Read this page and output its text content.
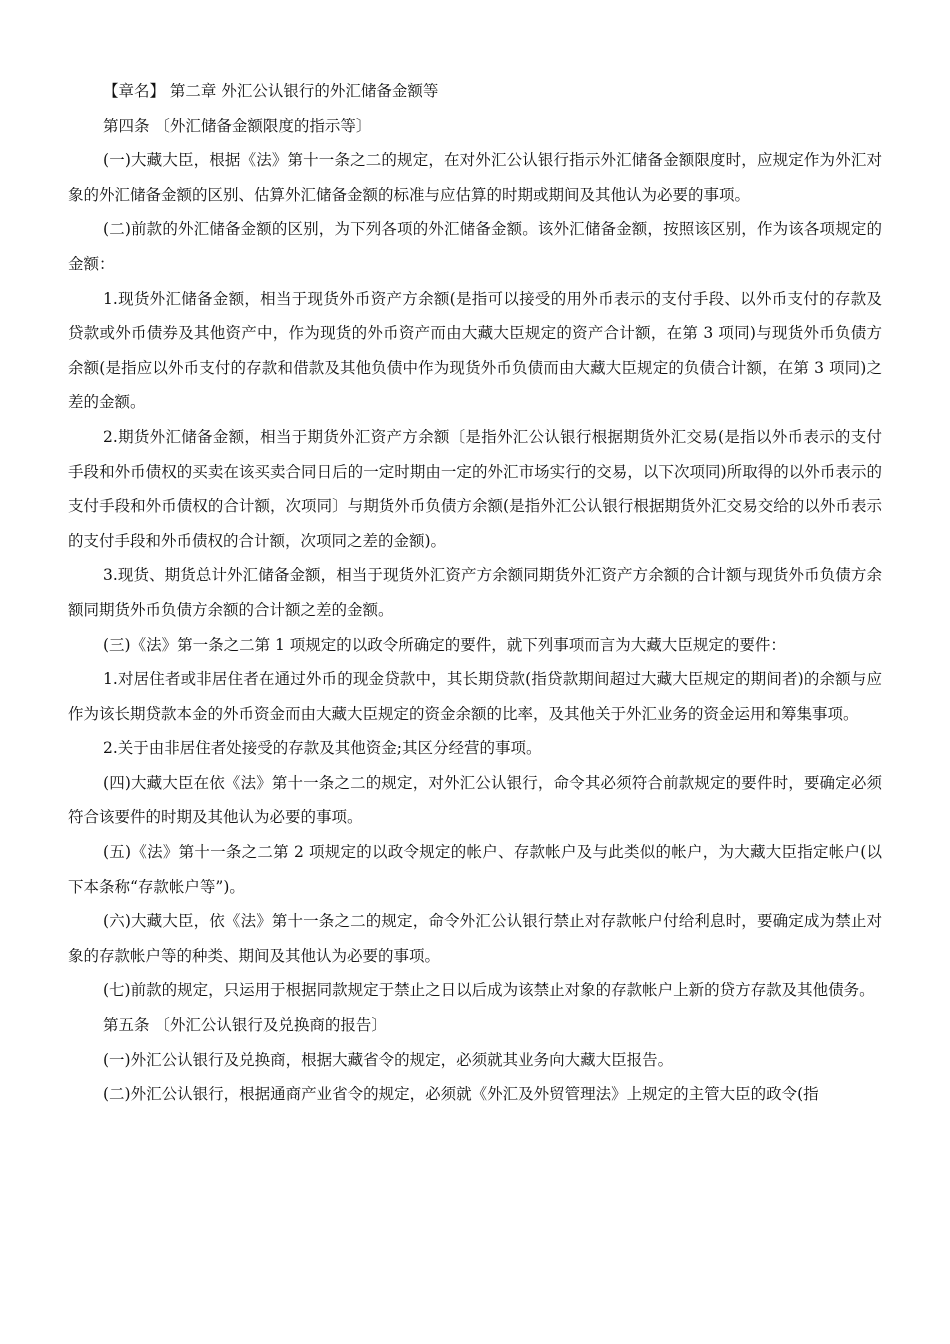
【章名】 第二章 外汇公认银行的外汇储备金额等

第四条 〔外汇储备金额限度的指示等〕

(一)大藏大臣，根据《法》第十一条之二的规定，在对外汇公认银行指示外汇储备金额限度时，应规定作为外汇对象的外汇储备金额的区别、估算外汇储备金额的标准与应估算的时期或期间及其他认为必要的事项。

(二)前款的外汇储备金额的区别，为下列各项的外汇储备金额。该外汇储备金额，按照该区别，作为该各项规定的金额：

1.现货外汇储备金额，相当于现货外币资产方余额(是指可以接受的用外币表示的支付手段、以外币支付的存款及贷款或外币债券及其他资产中，作为现货的外币资产而由大藏大臣规定的资产合计额，在第 3 项同)与现货外币负债方余额(是指应以外币支付的存款和借款及其他负债中作为现货外币负债而由大藏大臣规定的负债合计额，在第 3 项同)之差的金额。

2.期货外汇储备金额，相当于期货外汇资产方余额〔是指外汇公认银行根据期货外汇交易(是指以外币表示的支付手段和外币债权的买卖在该买卖合同日后的一定时期由一定的外汇市场实行的交易，以下次项同)所取得的以外币表示的支付手段和外币债权的合计额，次项同〕与期货外币负债方余额(是指外汇公认银行根据期货外汇交易交给的以外币表示的支付手段和外币债权的合计额，次项同之差的金额)。

3.现货、期货总计外汇储备金额，相当于现货外汇资产方余额同期货外汇资产方余额的合计额与现货外币负债方余额同期货外币负债方余额的合计额之差的金额。

(三)《法》第一条之二第 1 项规定的以政令所确定的要件，就下列事项而言为大藏大臣规定的要件：

1.对居住者或非居住者在通过外币的现金贷款中，其长期贷款(指贷款期间超过大藏大臣规定的期间者)的余额与应作为该长期贷款本金的外币资金而由大藏大臣规定的资金余额的比率，及其他关于外汇业务的资金运用和筹集事项。

2.关于由非居住者处接受的存款及其他资金;其区分经营的事项。

(四)大藏大臣在依《法》第十一条之二的规定，对外汇公认银行，命令其必须符合前款规定的要件时，要确定必须符合该要件的时期及其他认为必要的事项。

(五)《法》第十一条之二第 2 项规定的以政令规定的帐户、存款帐户及与此类似的帐户，为大藏大臣指定帐户(以下本条称“存款帐户等”)。

(六)大藏大臣，依《法》第十一条之二的规定，命令外汇公认银行禁止对存款帐户付给利息时，要确定成为禁止对象的存款帐户等的种类、期间及其他认为必要的事项。

(七)前款的规定，只运用于根据同款规定于禁止之日以后成为该禁止对象的存款帐户上新的贷方存款及其他债务。

第五条 〔外汇公认银行及兑换商的报告〕

(一)外汇公认银行及兑换商，根据大藏省令的规定，必须就其业务向大藏大臣报告。

(二)外汇公认银行，根据通商产业省令的规定，必须就《外汇及外贸管理法》上规定的主管大臣的政令(指
